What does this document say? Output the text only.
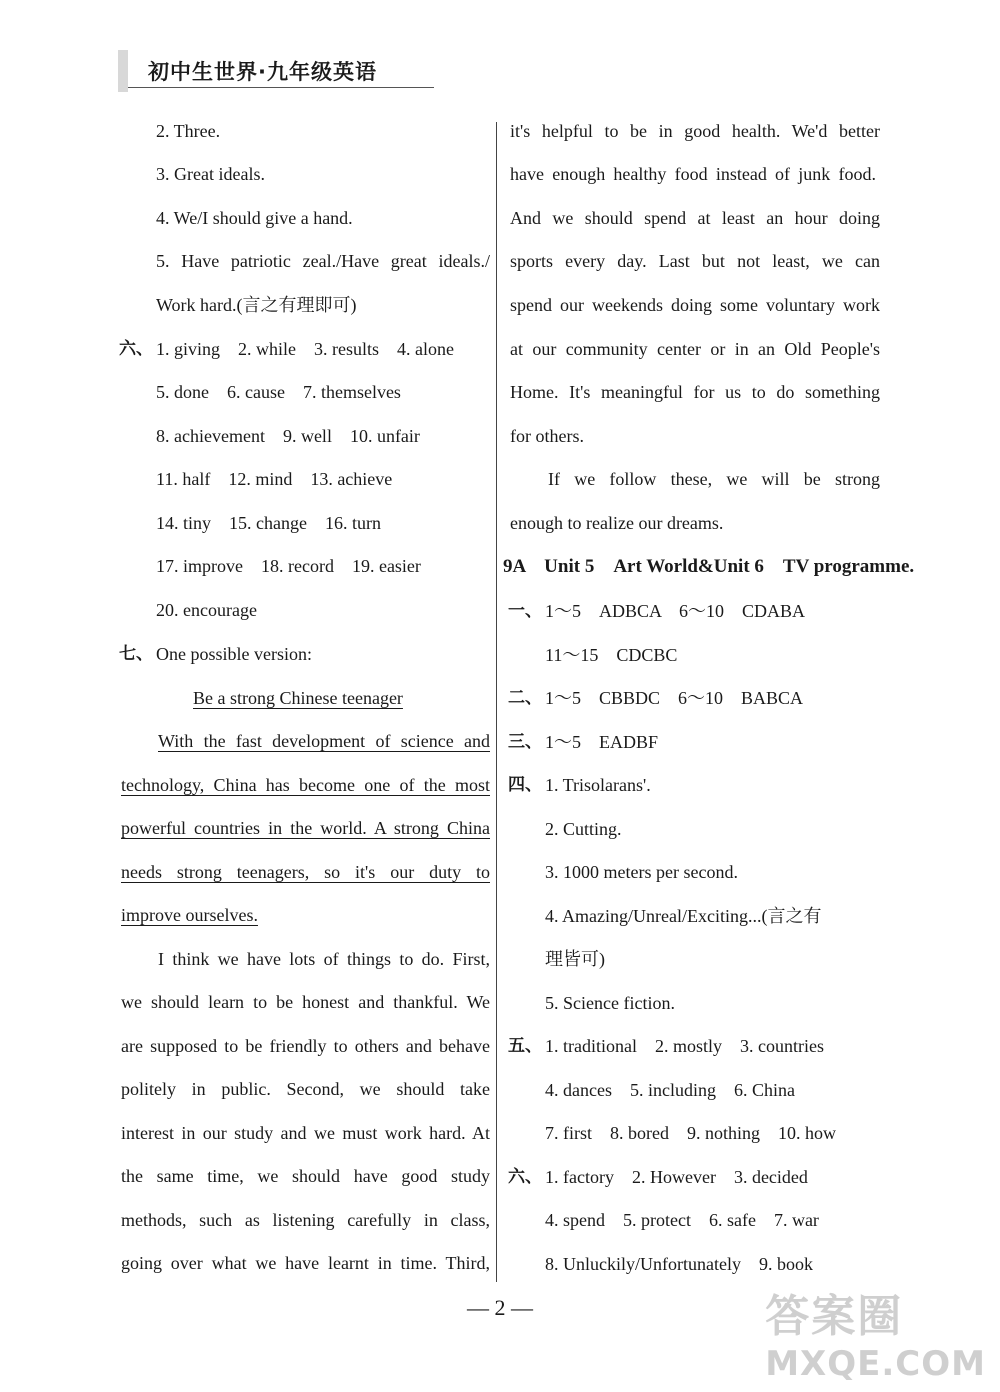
初中生世界·九年级英语
2. Three.
3. Great ideals.
4. We/I should give a hand.
5. Have patriotic zeal./Have great ideals./
Work hard.(言之有理即可)
六、 1. giving　2. while　3. results　4. alone
5. done　6. cause　7. themselves
8. achievement　9. well　10. unfair
11. half　12. mind　13. achieve
14. tiny　15. change　16. turn
17. improve　18. record　19. easier
20. encourage
七、 One possible version:
Be a strong Chinese teenager
With the fast development of science and
technology, China has become one of the most
powerful countries in the world. A strong China
needs strong teenagers, so it's our duty to
improve ourselves.
I think we have lots of things to do. First,
we should learn to be honest and thankful. We
are supposed to be friendly to others and behave
politely in public. Second, we should take
interest in our study and we must work hard. At
the same time, we should have good study
methods, such as listening carefully in class,
going over what we have learnt in time. Third,
it's helpful to be in good health. We'd better
have enough healthy food instead of junk food.
And we should spend at least an hour doing
sports every day. Last but not least, we can
spend our weekends doing some voluntary work
at our community center or in an Old People's
Home. It's meaningful for us to do something
for others.
If we follow these, we will be strong
enough to realize our dreams.
9A　Unit 5　Art World&Unit 6　TV programme.
一、 1～5　ADBCA　6～10　CDABA
11～15　CDCBC
二、 1～5　CBBDC　6～10　BABCA
三、 1～5　EADBF
四、 1. Trisolarans'.
2. Cutting.
3. 1000 meters per second.
4. Amazing/Unreal/Exciting...(言之有
理皆可)
5. Science fiction.
五、 1. traditional　2. mostly　3. countries
4. dances　5. including　6. China
7. first　8. bored　9. nothing　10. how
六、 1. factory　2. However　3. decided
4. spend　5. protect　6. safe　7. war
8. Unluckily/Unfortunately　9. book
— 2 —	答案圈
MXQE.COM
